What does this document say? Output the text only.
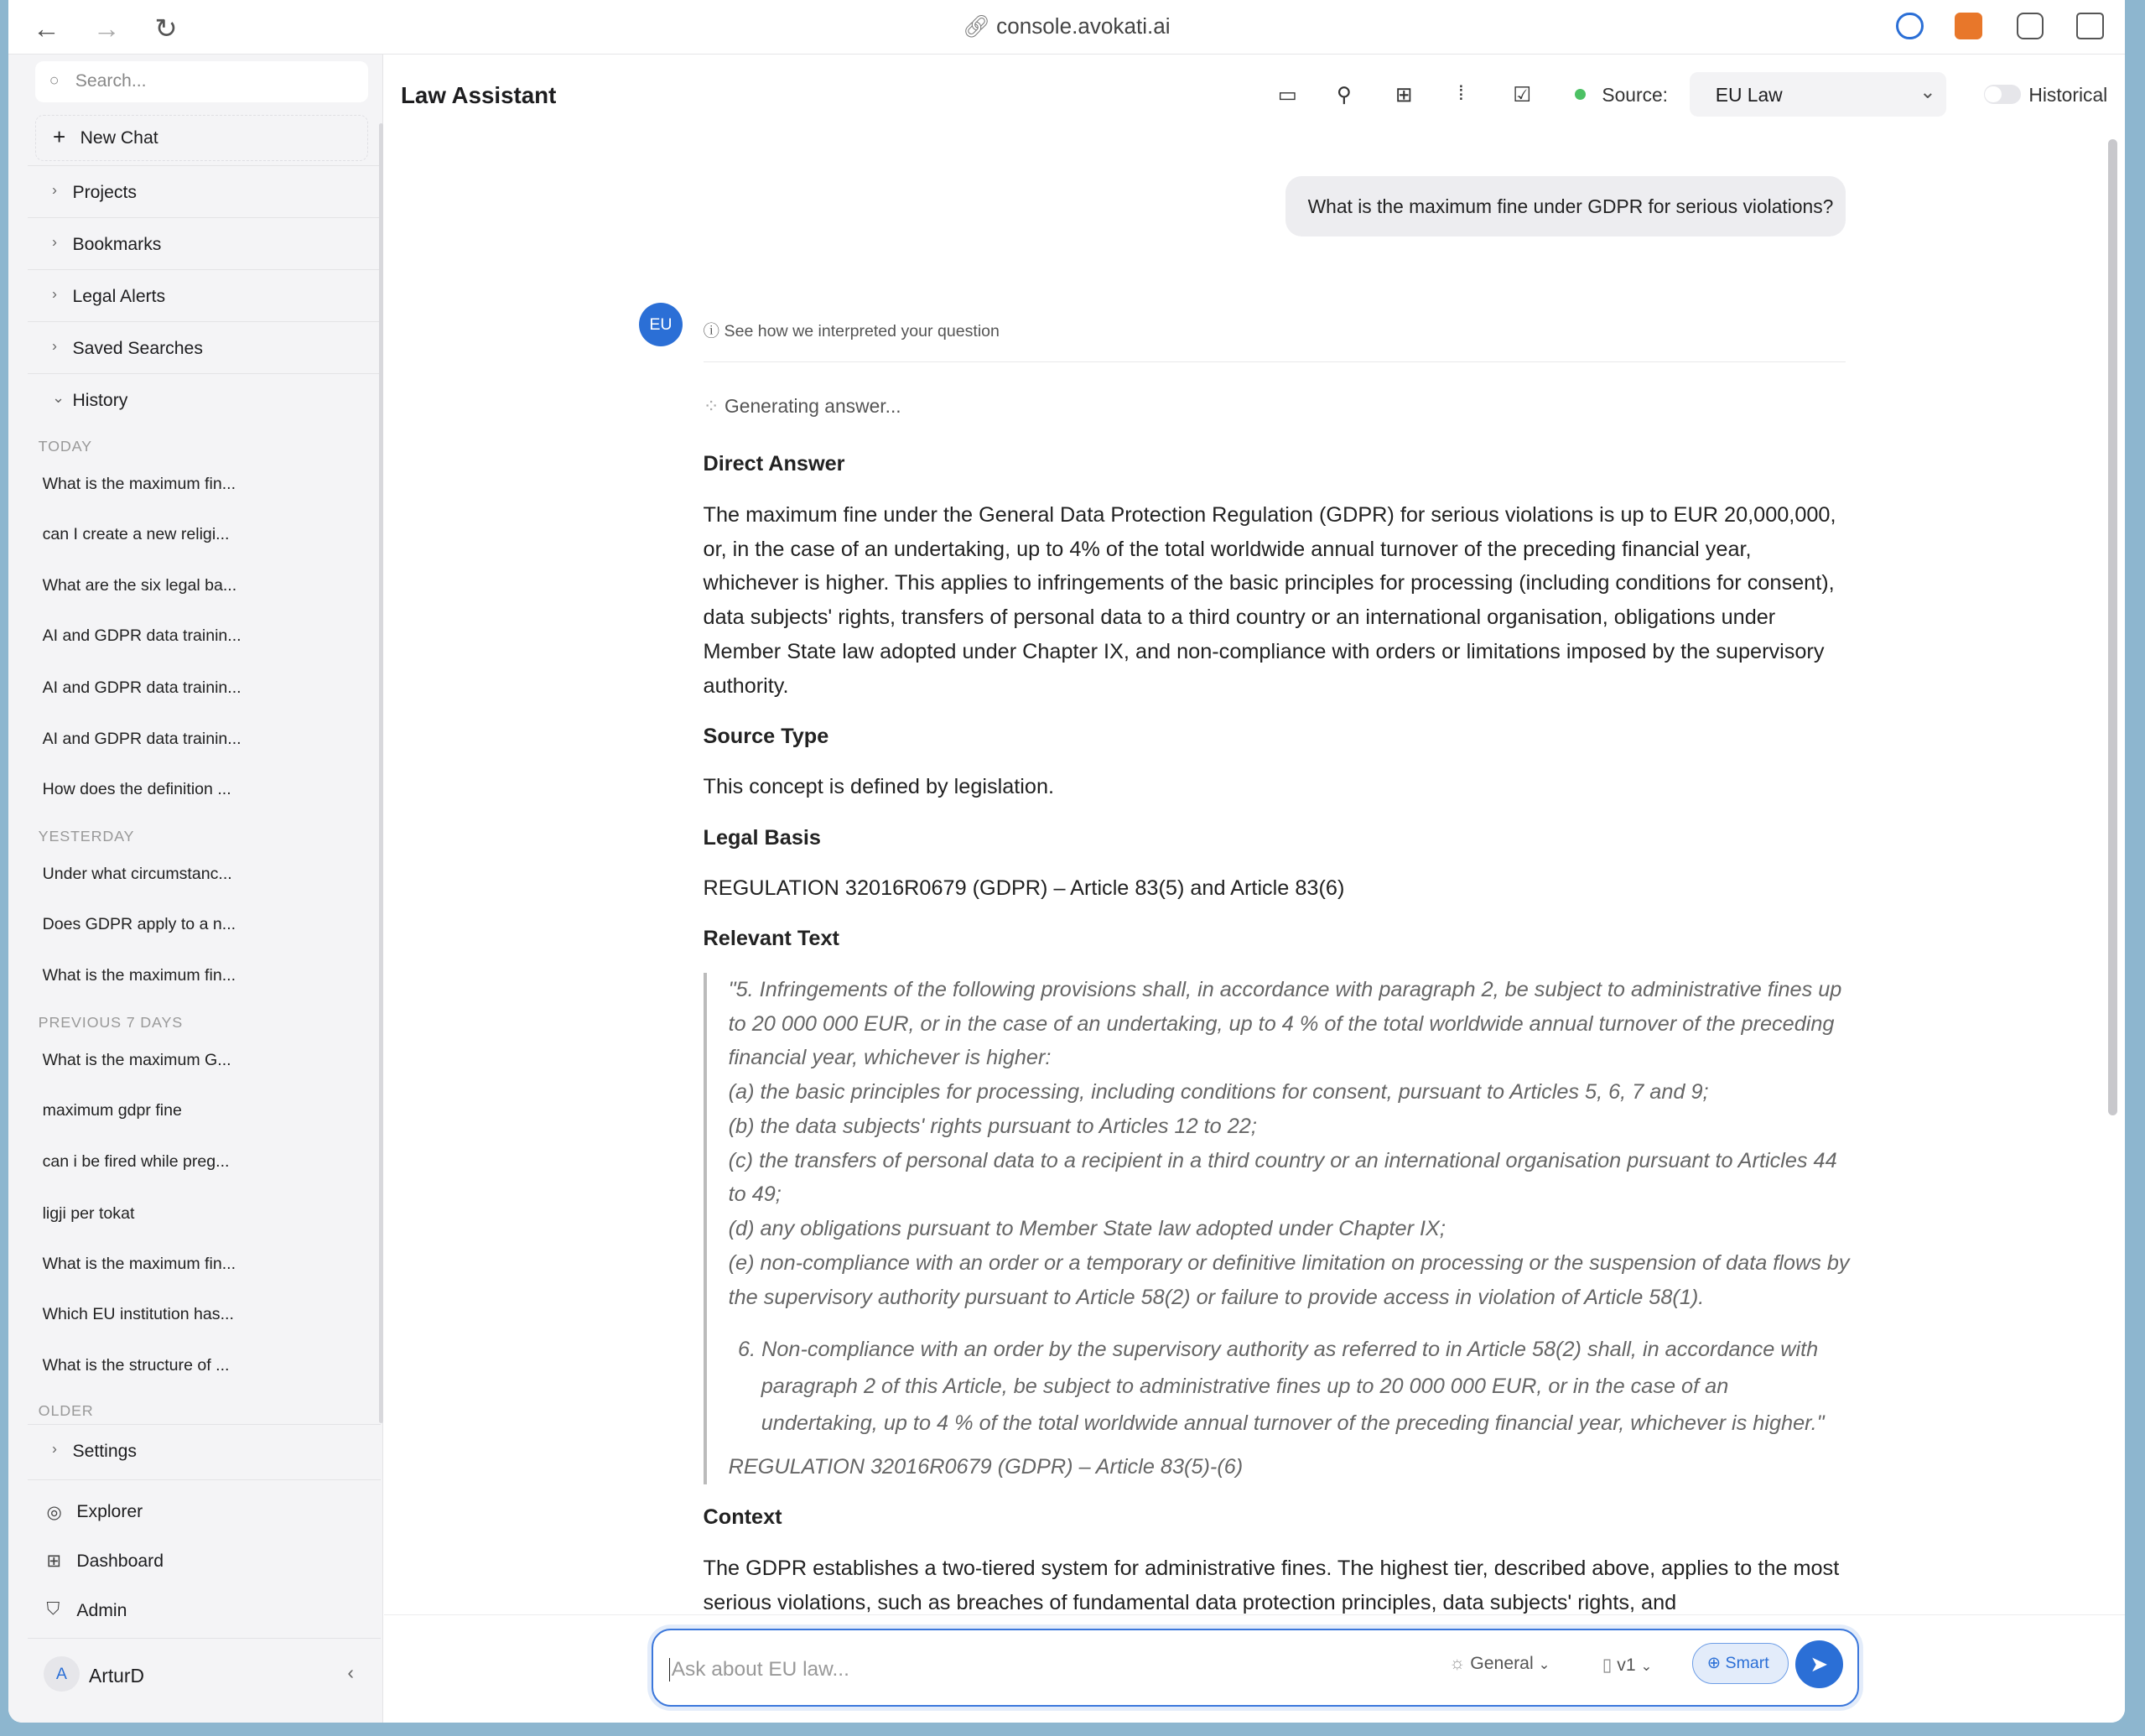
← → ↻	🔗︎ console.avokati.ai
○ Search...
+ New Chat
› Projects
› Bookmarks
› Legal Alerts
› Saved Searches
⌄ History
TODAY
What is the maximum fin...
can I create a new religi...
What are the six legal ba...
AI and GDPR data trainin...
AI and GDPR data trainin...
AI and GDPR data trainin...
How does the definition ...
YESTERDAY
Under what circumstanc...
Does GDPR apply to a n...
What is the maximum fin...
PREVIOUS 7 DAYS
What is the maximum G...
maximum gdpr fine
can i be fired while preg...
ligji per tokat
What is the maximum fin...
Which EU institution has...
What is the structure of ...
OLDER
› Settings
◎ Explorer
⊞ Dashboard
⛉ Admin
A	ArturD	‹
Law Assistant	▭	⚲	⊞	⁞	☑	Source:	EU Law	⌄	Historical
What is the maximum fine under GDPR for serious violations?
EU	ⓘ See how we interpreted your question
⁘ Generating answer...
Direct Answer

The maximum fine under the General Data Protection Regulation (GDPR) for serious violations is up to EUR 20,000,000, or, in the case of an undertaking, up to 4% of the total worldwide annual turnover of the preceding financial year, whichever is higher. This applies to infringements of the basic principles for processing (including conditions for consent), data subjects' rights, transfers of personal data to a third country or an international organisation, obligations under Member State law adopted under Chapter IX, and non-compliance with orders or limitations imposed by the supervisory authority.

Source Type

This concept is defined by legislation.

Legal Basis

REGULATION 32016R0679 (GDPR) – Article 83(5) and Article 83(6)

Relevant Text
"5. Infringements of the following provisions shall, in accordance with paragraph 2, be subject to administrative fines up to 20 000 000 EUR, or in the case of an undertaking, up to 4 % of the total worldwide annual turnover of the preceding financial year, whichever is higher:
(a) the basic principles for processing, including conditions for consent, pursuant to Articles 5, 6, 7 and 9;
(b) the data subjects' rights pursuant to Articles 12 to 22;
(c) the transfers of personal data to a recipient in a third country or an international organisation pursuant to Articles 44 to 49;
(d) any obligations pursuant to Member State law adopted under Chapter IX;
(e) non-compliance with an order or a temporary or definitive limitation on processing or the suspension of data flows by the supervisory authority pursuant to Article 58(2) or failure to provide access in violation of Article 58(1).
6. Non-compliance with an order by the supervisory authority as referred to in Article 58(2) shall, in accordance with
paragraph 2 of this Article, be subject to administrative fines up to 20 000 000 EUR, or in the case of an
undertaking, up to 4 % of the total worldwide annual turnover of the preceding financial year, whichever is higher."
REGULATION 32016R0679 (GDPR) – Article 83(5)-(6)
Context

The GDPR establishes a two-tiered system for administrative fines. The highest tier, described above, applies to the most serious violations, such as breaches of fundamental data protection principles, data subjects' rights, and

Ask about EU law...	☼ General ⌄	▯ v1 ⌄	⊕ Smart	➤
